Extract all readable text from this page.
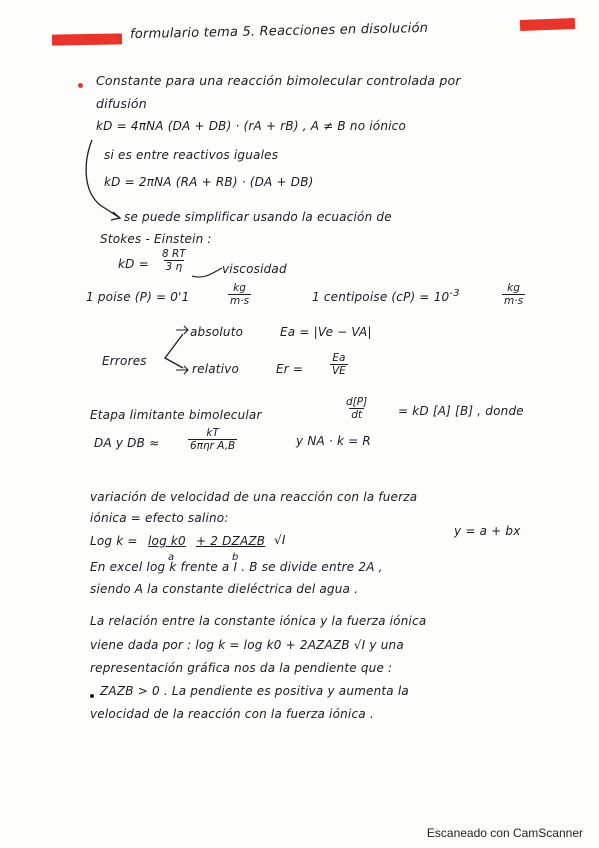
formulario tema 5. Reacciones en disolución
Constante para una reacción bimolecular controlada por
difusión
kD = 4πNA (DA + DB) · (rA + rB) , A ≠ B no iónico
si es entre reactivos iguales
kD = 2πNA (RA + RB) · (DA + DB)
se puede simplificar usando la ecuación de
Stokes - Einstein :
kD = $\frac{8 RT}{3 \eta}$	viscosidad
1 poise (P) = 0'1	$\frac{kg}{m\cdot s}$	1 centipoise $(cP) = 10^{-3}$	$\frac{kg}{m\cdot s}$
Errores
absoluto	Ea = |Ve − VA|
relativo	Er =	$\frac{Ea}{VE}$
Etapa limitante bimolecular	$\frac{d[P]}{dt}$ = kD [A] [B] , donde
DA y DB ≈
kT
6πηr A,B	y NA · k = R
variación de velocidad de una reacción con la fuerza
iónica = efecto salino:
Log k = log k0
a
+ 2 DZAZB
b
√I
y = a + bx
En excel log k frente a I . B se divide entre 2A ,
siendo A la constante dieléctrica del agua .
La relación entre la constante iónica y la fuerza iónica
viene dada por : log k = log k0 + 2AZAZB √I y una
representación gráfica nos da la pendiente que :
ZAZB > 0 . La pendiente es positiva y aumenta la
velocidad de la reacción con la fuerza iónica .
Escaneado con CamScanner
